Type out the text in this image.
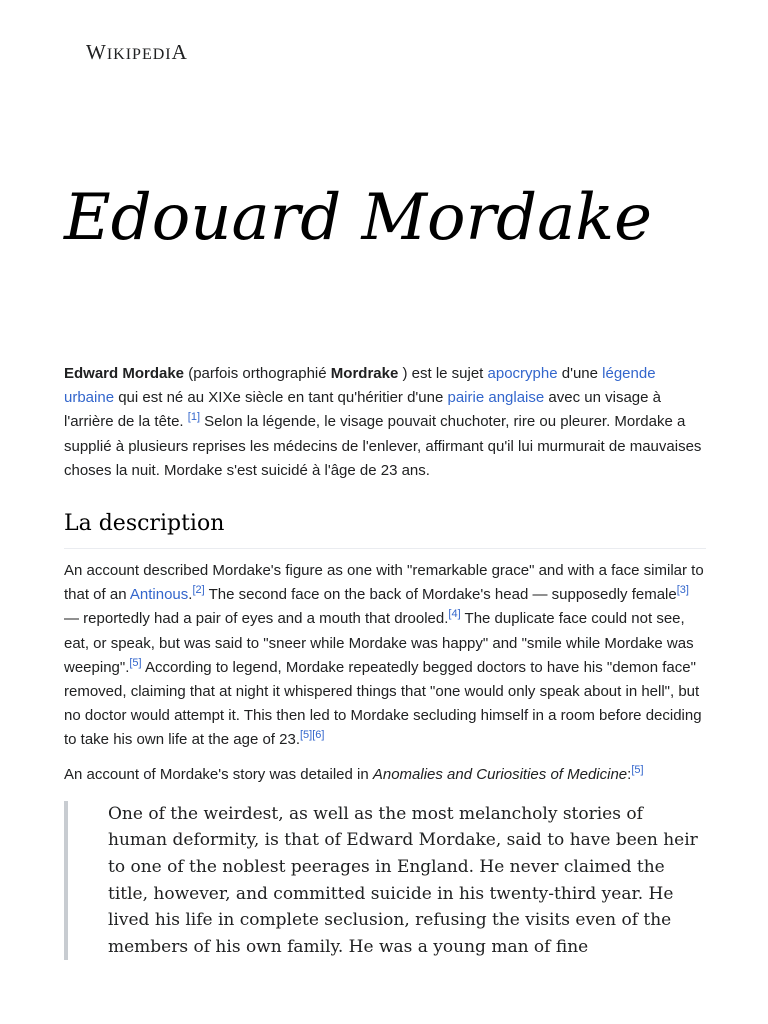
WIKIPEDIA
Edouard Mordake

Edward Mordake (parfois orthographié Mordrake ) est le sujet apocryphe d'une légende urbaine qui est né au XIXe siècle en tant qu'héritier d'une pairie anglaise avec un visage à l'arrière de la tête. [1] Selon la légende, le visage pouvait chuchoter, rire ou pleurer. Mordake a supplié à plusieurs reprises les médecins de l'enlever, affirmant qu'il lui murmurait de mauvaises choses la nuit. Mordake s'est suicidé à l'âge de 23 ans.

La description

An account described Mordake's figure as one with "remarkable grace" and with a face similar to that of an Antinous.[2] The second face on the back of Mordake's head — supposedly female[3] — reportedly had a pair of eyes and a mouth that drooled.[4] The duplicate face could not see, eat, or speak, but was said to "sneer while Mordake was happy" and "smile while Mordake was weeping".[5] According to legend, Mordake repeatedly begged doctors to have his "demon face" removed, claiming that at night it whispered things that "one would only speak about in hell", but no doctor would attempt it. This then led to Mordake secluding himself in a room before deciding to take his own life at the age of 23.[5][6]

An account of Mordake's story was detailed in Anomalies and Curiosities of Medicine:[5]

One of the weirdest, as well as the most melancholy stories of human deformity, is that of Edward Mordake, said to have been heir to one of the noblest peerages in England. He never claimed the title, however, and committed suicide in his twenty-third year. He lived his life in complete seclusion, refusing the visits even of the members of his own family. He was a young man of fine
